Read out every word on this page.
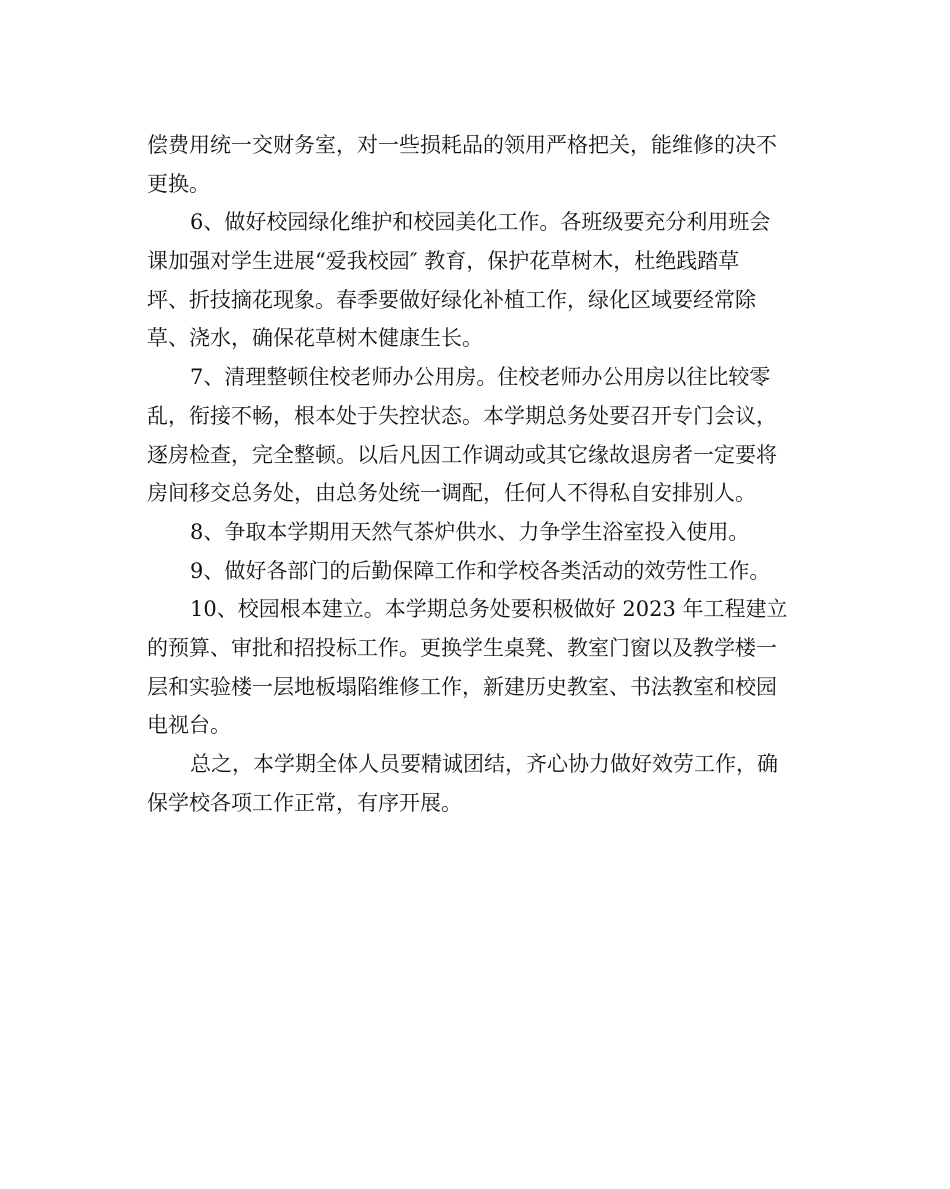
偿费用统一交财务室，对一些损耗品的领用严格把关，能维修的决不
更换。
6、做好校园绿化维护和校园美化工作。各班级要充分利用班会
课加强对学生进展“爱我校园″ 教育，保护花草树木，杜绝践踏草
坪、折技摘花现象。春季要做好绿化补植工作，绿化区域要经常除
草、浇水，确保花草树木健康生长。
7、清理整顿住校老师办公用房。住校老师办公用房以往比较零
乱，衔接不畅，根本处于失控状态。本学期总务处要召开专门会议，
逐房检查，完全整顿。以后凡因工作调动或其它缘故退房者一定要将
房间移交总务处，由总务处统一调配，任何人不得私自安排别人。
8、争取本学期用天然气茶炉供水、力争学生浴室投入使用。
9、做好各部门的后勤保障工作和学校各类活动的效劳性工作。
10、校园根本建立。本学期总务处要积极做好 2023 年工程建立
的预算、审批和招投标工作。更换学生桌凳、教室门窗以及教学楼一
层和实验楼一层地板塌陷维修工作，新建历史教室、书法教室和校园
电视台。
总之，本学期全体人员要精诚团结，齐心协力做好效劳工作，确
保学校各项工作正常，有序开展。
